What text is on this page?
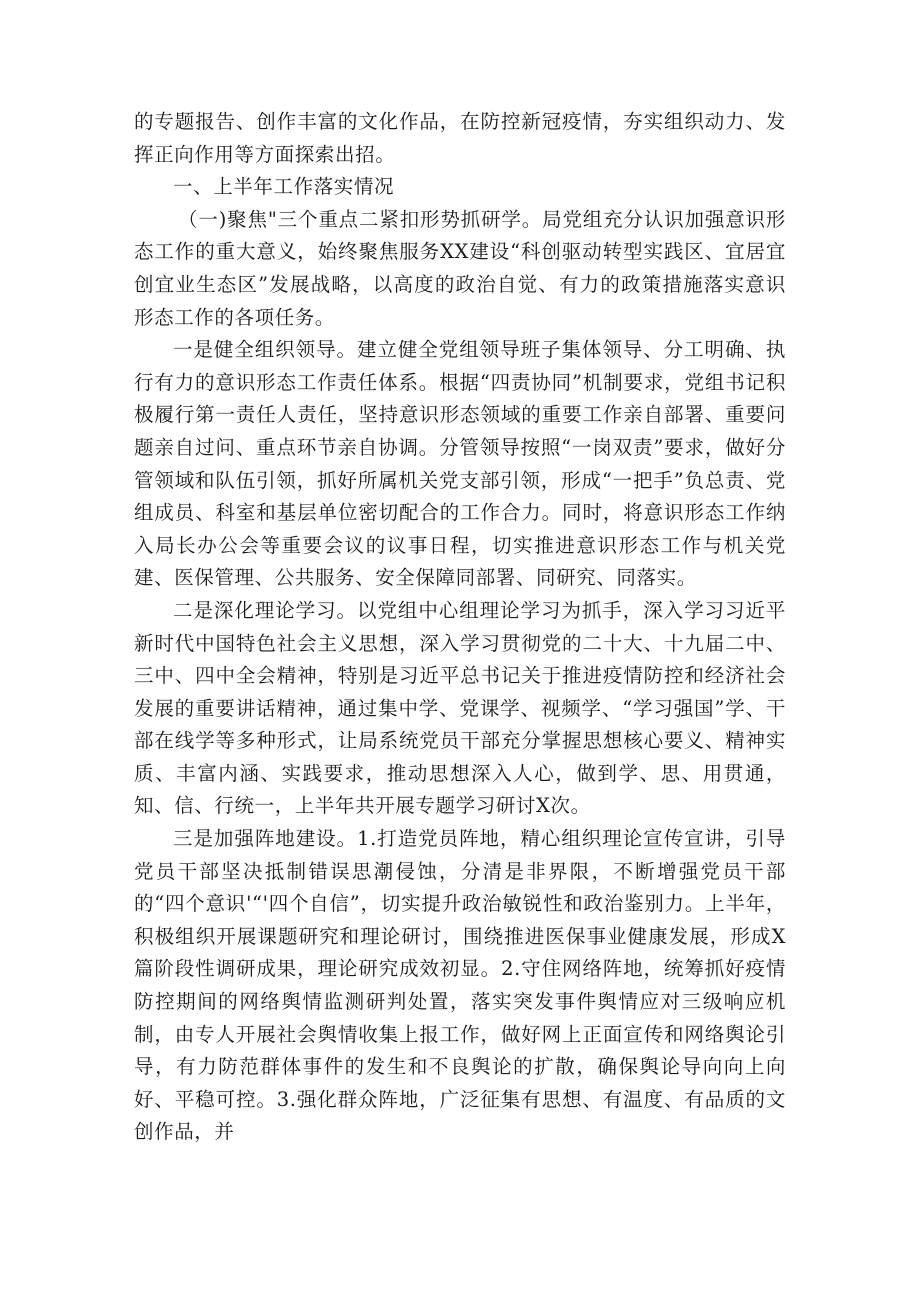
的专题报告、创作丰富的文化作品，在防控新冠疫情，夯实组织动力、发挥正向作用等方面探索出招。

一、上半年工作落实情况

（一)聚焦"三个重点二紧扣形势抓研学。局党组充分认识加强意识形态工作的重大意义，始终聚焦服务XX建设“科创驱动转型实践区、宜居宜创宜业生态区”发展战略，以高度的政治自觉、有力的政策措施落实意识形态工作的各项任务。

一是健全组织领导。建立健全党组领导班子集体领导、分工明确、执行有力的意识形态工作责任体系。根据“四责协同”机制要求，党组书记积极履行第一责任人责任，坚持意识形态领域的重要工作亲自部署、重要问题亲自过问、重点环节亲自协调。分管领导按照“一岗双责”要求，做好分管领域和队伍引领，抓好所属机关党支部引领，形成“一把手”负总责、党组成员、科室和基层单位密切配合的工作合力。同时，将意识形态工作纳入局长办公会等重要会议的议事日程，切实推进意识形态工作与机关党建、医保管理、公共服务、安全保障同部署、同研究、同落实。

二是深化理论学习。以党组中心组理论学习为抓手，深入学习习近平新时代中国特色社会主义思想，深入学习贯彻党的二十大、十九届二中、三中、四中全会精神，特别是习近平总书记关于推进疫情防控和经济社会发展的重要讲话精神，通过集中学、党课学、视频学、“学习强国”学、干部在线学等多种形式，让局系统党员干部充分掌握思想核心要义、精神实质、丰富内涵、实践要求，推动思想深入人心，做到学、思、用贯通，知、信、行统一，上半年共开展专题学习研讨X次。

三是加强阵地建设。1.打造党员阵地，精心组织理论宣传宣讲，引导党员干部坚决抵制错误思潮侵蚀，分清是非界限，不断增强党员干部的“四个意识'“'四个自信”，切实提升政治敏锐性和政治鉴别力。上半年，积极组织开展课题研究和理论研讨，围绕推进医保事业健康发展，形成X篇阶段性调研成果，理论研究成效初显。2.守住网络阵地，统筹抓好疫情防控期间的网络舆情监测研判处置，落实突发事件舆情应对三级响应机制，由专人开展社会舆情收集上报工作，做好网上正面宣传和网络舆论引导，有力防范群体事件的发生和不良舆论的扩散，确保舆论导向向上向好、平稳可控。3.强化群众阵地，广泛征集有思想、有温度、有品质的文创作品，并
